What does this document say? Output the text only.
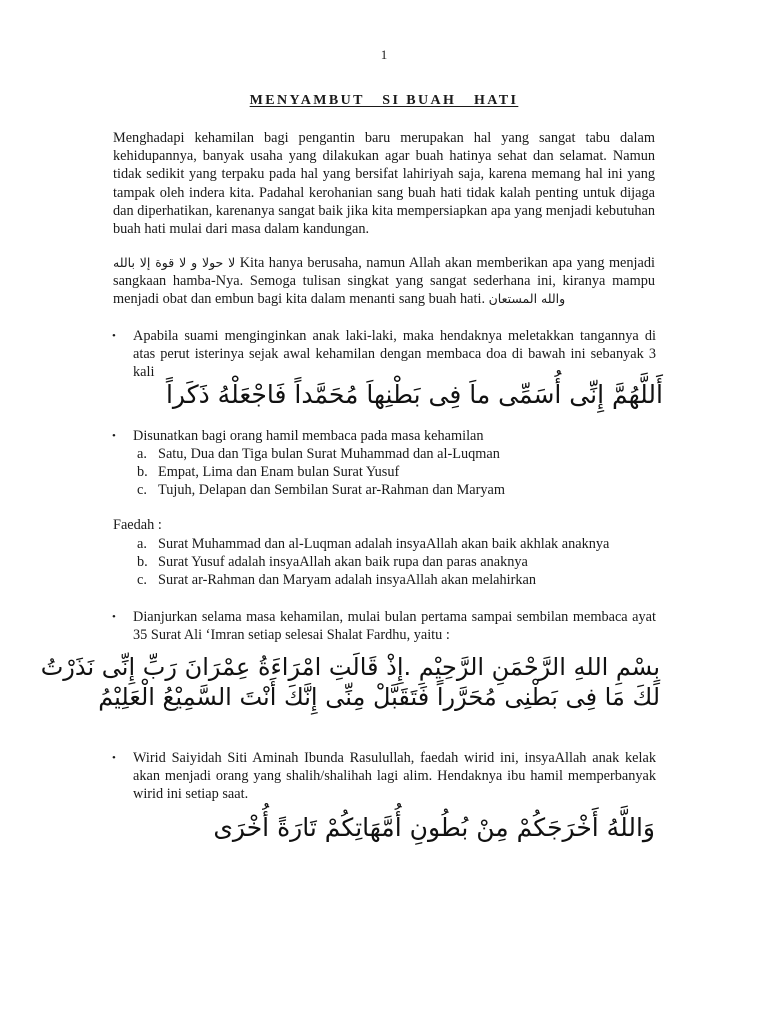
1
MENYAMBUT   SI BUAH   HATI

Menghadapi kehamilan bagi pengantin baru merupakan hal yang sangat tabu dalam kehidupannya, banyak usaha yang dilakukan agar buah hatinya sehat dan selamat. Namun tidak sedikit yang terpaku pada hal yang bersifat lahiriyah saja, karena memang hal ini yang tampak oleh indera kita. Padahal kerohanian sang buah hati tidak kalah penting untuk dijaga dan diperhatikan, karenanya sangat baik jika kita mempersiapkan apa yang menjadi kebutuhan buah hati mulai dari masa dalam kandungan.

لا حولا و لا قوة إلا بالله Kita hanya berusaha, namun Allah akan memberikan apa yang menjadi sangkaan hamba-Nya. Semoga tulisan singkat yang sangat sederhana ini, kiranya mampu menjadi obat dan embun bagi kita dalam menanti sang buah hati. والله المستعان

• Apabila suami menginginkan anak laki-laki, maka hendaknya meletakkan tangannya di atas perut isterinya sejak awal kehamilan dengan membaca doa di bawah ini sebanyak 3 kali
أَللَّهُمَّ إِنِّى أُسَمِّى ماَ فِى بَطْنِهاَ مُحَمَّداً فَاجْعَلْهُ ذَكَراً
• Disunatkan bagi orang hamil membaca pada masa kehamilan
a. Satu, Dua dan Tiga bulan Surat Muhammad dan al-Luqman
b. Empat, Lima dan Enam bulan Surat Yusuf
c. Tujuh, Delapan dan Sembilan Surat ar-Rahman dan Maryam
Faedah :
a. Surat Muhammad dan al-Luqman adalah insyaAllah akan baik akhlak anaknya
b. Surat Yusuf adalah insyaAllah akan baik rupa dan paras anaknya
c. Surat ar-Rahman dan Maryam adalah insyaAllah akan melahirkan
• Dianjurkan selama masa kehamilan, mulai bulan pertama sampai sembilan membaca ayat 35 Surat Ali ‘Imran setiap selesai Shalat Fardhu, yaitu :
بِسْمِ اللهِ الرَّحْمَنِ الرَّحِيْمِ .إِذْ قَالَتِ امْرَاءَةُ عِمْرَانَ رَبِّ إِنِّى نَذَرْتُ
لَكَ مَا فِى بَطْنِى مُحَرَّراً فَتَقَبَّلْ مِنِّى إِنَّكَ أَنْتَ السَّمِيْعُ الْعَلِيْمُ
• Wirid Saiyidah Siti Aminah Ibunda Rasulullah, faedah wirid ini, insyaAllah anak kelak akan menjadi orang yang shalih/shalihah lagi alim. Hendaknya ibu hamil memperbanyak wirid ini setiap saat.
وَاللَّهُ أَخْرَجَكُمْ مِنْ بُطُونِ أُمَّهَاتِكُمْ تَارَةً أُخْرَى
